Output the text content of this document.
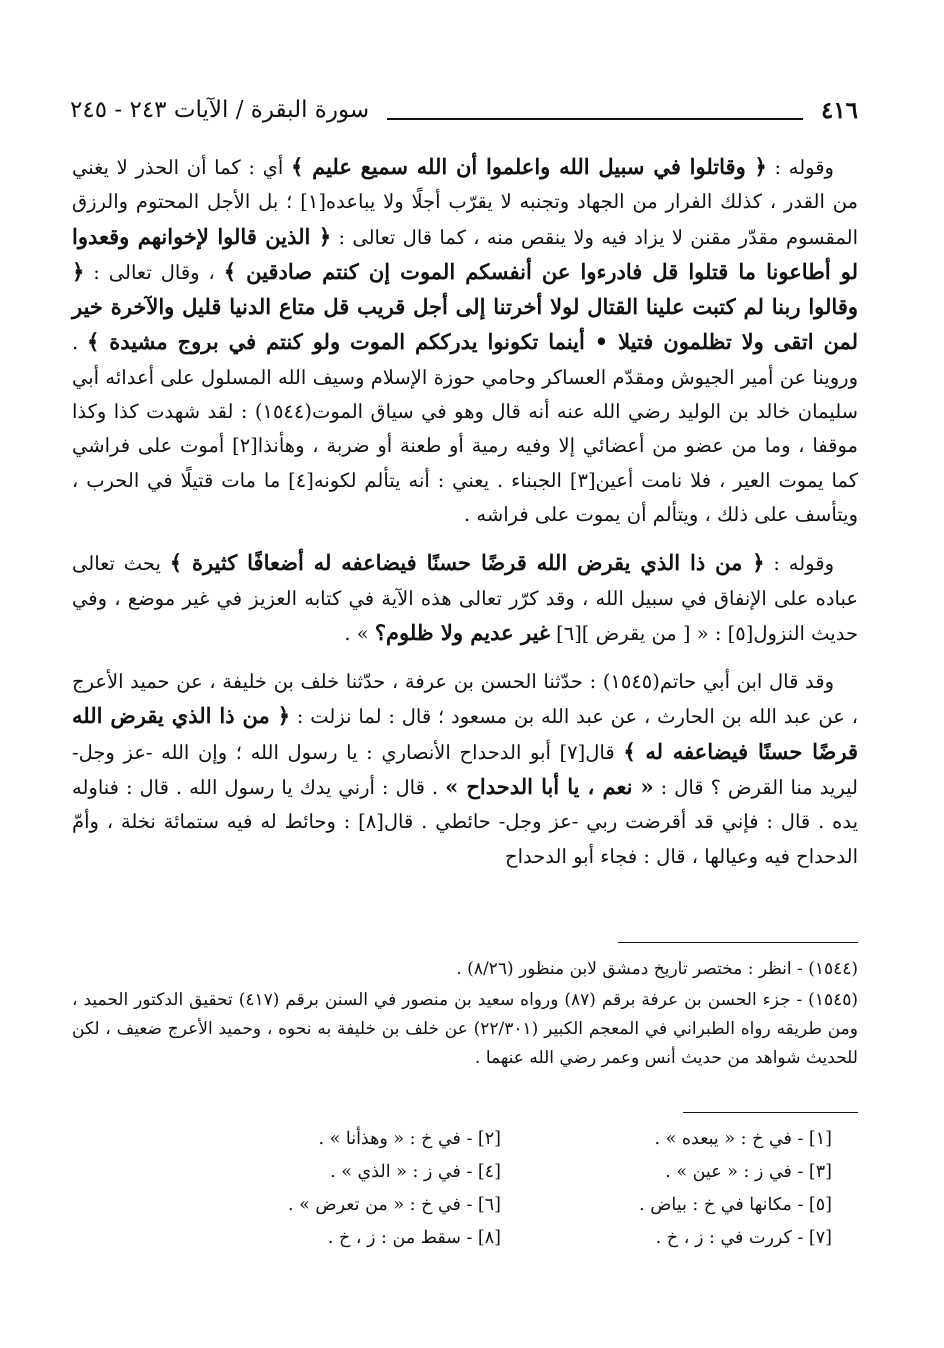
٤١٦
سورة البقرة / الآيات ٢٤٣ - ٢٤٥

وقوله : ﴿ وقاتلوا في سبيل الله واعلموا أن الله سميع عليم ﴾ أي : كما أن الحذر لا يغني من القدر ، كذلك الفرار من الجهاد وتجنبه لا يقرّب أجلًا ولا يباعده[١] ؛ بل الأجل المحتوم والرزق المقسوم مقدّر مقنن لا يزاد فيه ولا ينقص منه ، كما قال تعالى : ﴿ الذين قالوا لإخوانهم وقعدوا لو أطاعونا ما قتلوا قل فادرءوا عن أنفسكم الموت إن كنتم صادقين ﴾ ، وقال تعالى : ﴿ وقالوا ربنا لم كتبت علينا القتال لولا أخرتنا إلى أجل قريب قل متاع الدنيا قليل والآخرة خير لمن اتقى ولا تظلمون فتيلا • أينما تكونوا يدرككم الموت ولو كنتم في بروج مشيدة ﴾ . وروينا عن أمير الجيوش ومقدّم العساكر وحامي حوزة الإسلام وسيف الله المسلول على أعدائه أبي سليمان خالد بن الوليد رضي الله عنه أنه قال وهو في سياق الموت(١٥٤٤) : لقد شهدت كذا وكذا موقفا ، وما من عضو من أعضائي إلا وفيه رمية أو طعنة أو ضربة ، وهأنذا[٢] أموت على فراشي كما يموت العير ، فلا نامت أعين[٣] الجبناء . يعني : أنه يتألم لكونه[٤] ما مات قتيلًا في الحرب ، ويتأسف على ذلك ، ويتألم أن يموت على فراشه .

وقوله : ﴿ من ذا الذي يقرض الله قرضًا حسنًا فيضاعفه له أضعافًا كثيرة ﴾ يحث تعالى عباده على الإنفاق في سبيل الله ، وقد كرّر تعالى هذه الآية في كتابه العزيز في غير موضع ، وفي حديث النزول[٥] : « [ من يقرض ][٦] غير عديم ولا ظلوم؟ » .

وقد قال ابن أبي حاتم(١٥٤٥) : حدّثنا الحسن بن عرفة ، حدّثنا خلف بن خليفة ، عن حميد الأعرج ، عن عبد الله بن الحارث ، عن عبد الله بن مسعود ؛ قال : لما نزلت : ﴿ من ذا الذي يقرض الله قرضًا حسنًا فيضاعفه له ﴾ قال[٧] أبو الدحداح الأنصاري : يا رسول الله ؛ وإن الله -عز وجل- ليريد منا القرض ؟ قال : « نعم ، يا أبا الدحداح » . قال : أرني يدك يا رسول الله . قال : فناوله يده . قال : فإني قد أقرضت ربي -عز وجل- حائطي . قال[٨] : وحائط له فيه ستمائة نخلة ، وأمّ الدحداح فيه وعيالها ، قال : فجاء أبو الدحداح

(١٥٤٤) - انظر : مختصر تاريخ دمشق لابن منظور (٨/٢٦) .

(١٥٤٥) - جزء الحسن بن عرفة برقم (٨٧) ورواه سعيد بن منصور في السنن برقم (٤١٧) تحقيق الدكتور الحميد ، ومن طريقه رواه الطبراني في المعجم الكبير (٢٢/٣٠١) عن خلف بن خليفة به نحوه ، وحميد الأعرج ضعيف ، لكن للحديث شواهد من حديث أنس وعمر رضي الله عنهما .

[١] - في خ : « يبعده » .
[٢] - في خ : « وهذأنا » .
[٣] - في ز : « عين » .
[٤] - في ز : « الذي » .
[٥] - مكانها في خ : بياض .
[٦] - في خ : « من تعرض » .
[٧] - كررت في : ز ، خ .
[٨] - سقط من : ز ، خ .
